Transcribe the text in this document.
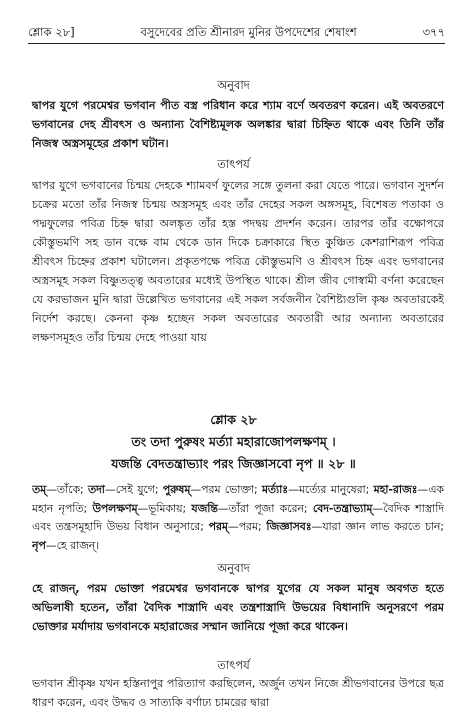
শ্লোক ২৮]	বসুদেবের প্রতি শ্রীনারদ মুনির উপদেশের শেষাংশ	৩৭৭
অনুবাদ
দ্বাপর যুগে পরমেশ্বর ভগবান পীত বস্ত্র পরিধান করে শ্যাম বর্ণে অবতরণ করেন। এই অবতরণে ভগবানের দেহ শ্রীবৎস ও অন্যান্য বৈশিষ্ট্যমূলক অলঙ্কার দ্বারা চিহ্নিত থাকে এবং তিনি তাঁর নিজস্ব অস্ত্রসমূহের প্রকাশ ঘটান।
তাৎপর্য
দ্বাপর যুগে ভগবানের চিন্ময় দেহকে শ্যামবর্ণ ফুলের সঙ্গে তুলনা করা যেতে পারে। ভগবান সুদর্শন চক্রের মতো তাঁর নিজস্ব চিন্ময় অস্ত্রসমূহ এবং তাঁর দেহের সকল অঙ্গসমূহ, বিশেষত পতাকা ও পদ্মফুলের পবিত্র চিহ্ন দ্বারা অলঙ্কৃত তাঁর হস্ত পদদ্বয় প্রদর্শন করেন। তারপর তাঁর বক্ষোপরে কৌস্তুভমণি সহ ডান বক্ষে বাম থেকে ডান দিকে চক্রাকারে স্থিত কুঞ্চিত কেশরাশিরূপ পবিত্র শ্রীবৎস চিহ্নের প্রকাশ ঘটালেন। প্রকৃতপক্ষে পবিত্র কৌস্তুভমণি ও শ্রীবৎস চিহ্ন এবং ভগবানের অস্ত্রসমূহ সকল বিষ্ণুতত্ত্ব অবতারের মধ্যেই উপস্থিত থাকে। শ্রীল জীব গোস্বামী বর্ণনা করেছেন যে করভাজন মুনি দ্বারা উল্লেখিত ভগবানের এই সকল সর্বজনীন বৈশিষ্ট্যগুলি কৃষ্ণ অবতারকেই নির্দেশ করছে। কেননা কৃষ্ণ হচ্ছেন সকল অবতারের অবতারী আর অন্যান্য অবতারের লক্ষণসমূহও তাঁর চিন্ময় দেহে পাওয়া যায়
শ্লোক ২৮
তং তদা পুরুষং মর্ত্যা মহারাজোপলক্ষণম্ ।
যজন্তি বেদতন্ত্রাভ্যাং পরং জিজ্ঞাসবো নৃপ ॥ ২৮ ॥
তম্—তাঁকে; তদা—সেই যুগে; পুরুষম্—পরম ভোক্তা; মর্ত্যাঃ—মর্ত্যের মানুষেরা; মহা-রাজঃ—এক মহান নৃপতি; উপলক্ষণম্—ভূমিকায়; যজন্তি—তাঁরা পূজা করেন; বেদ-তন্ত্রাভ্যাম্—বৈদিক শাস্ত্রাদি এবং তন্ত্রসমূহাদি উভয় বিধান অনুসারে; পরম্—পরম; জিজ্ঞাসবঃ—যারা জ্ঞান লাভ করতে চান; নৃপ—হে রাজন্।
অনুবাদ
হে রাজন্, পরম ভোক্তা পরমেশ্বর ভগবানকে দ্বাপর যুগের যে সকল মানুষ অবগত হতে অভিলাষী হতেন, তাঁরা বৈদিক শাস্ত্রাদি এবং তন্ত্রশাস্ত্রাদি উভয়ের বিধানাদি অনুসরণে পরম ভোক্তার মর্যাদায় ভগবানকে মহারাজের সম্মান জানিয়ে পূজা করে থাকেন।
তাৎপর্য
ভগবান শ্রীকৃষ্ণ যখন হস্তিনাপুর পরিত্যাগ করছিলেন, অর্জুন তখন নিজে শ্রীভগবানের উপরে ছত্র ধারণ করেন, এবং উদ্ধব ও সাত্যকি বর্ণাঢ্য চামরের দ্বারা
